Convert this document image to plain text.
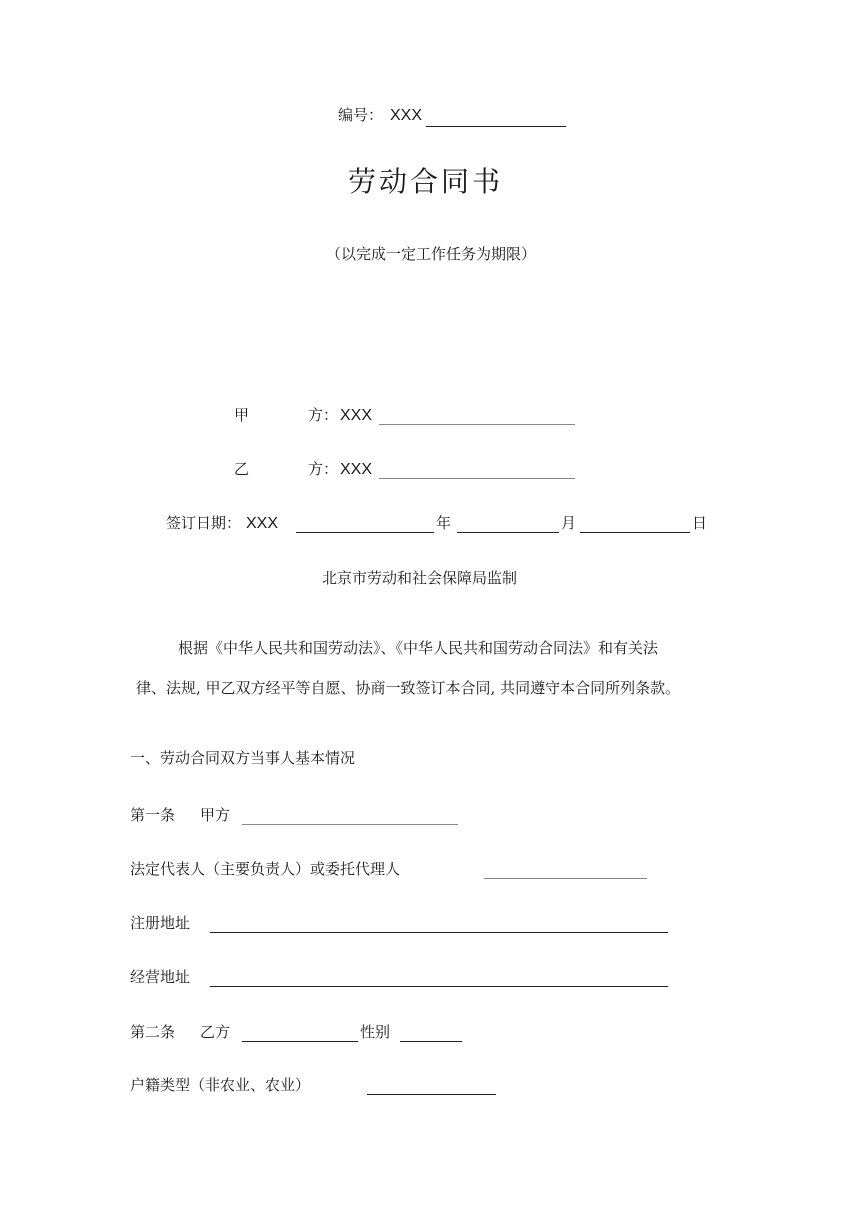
编号： XXX
劳动合同书
（以完成一定工作任务为期限）
甲	方： XXX
乙	方： XXX
签订日期： XXX	年	月	日
北京市劳动和社会保障局监制
根据《中华人民共和国劳动法》、《中华人民共和国劳动合同法》和有关法
律、法规, 甲乙双方经平等自愿、协商一致签订本合同, 共同遵守本合同所列条款。
一、劳动合同双方当事人基本情况
第一条 甲方
法定代表人（主要负责人）或委托代理人
注册地址
经营地址
第二条 乙方	性别
户籍类型（非农业、农业）
